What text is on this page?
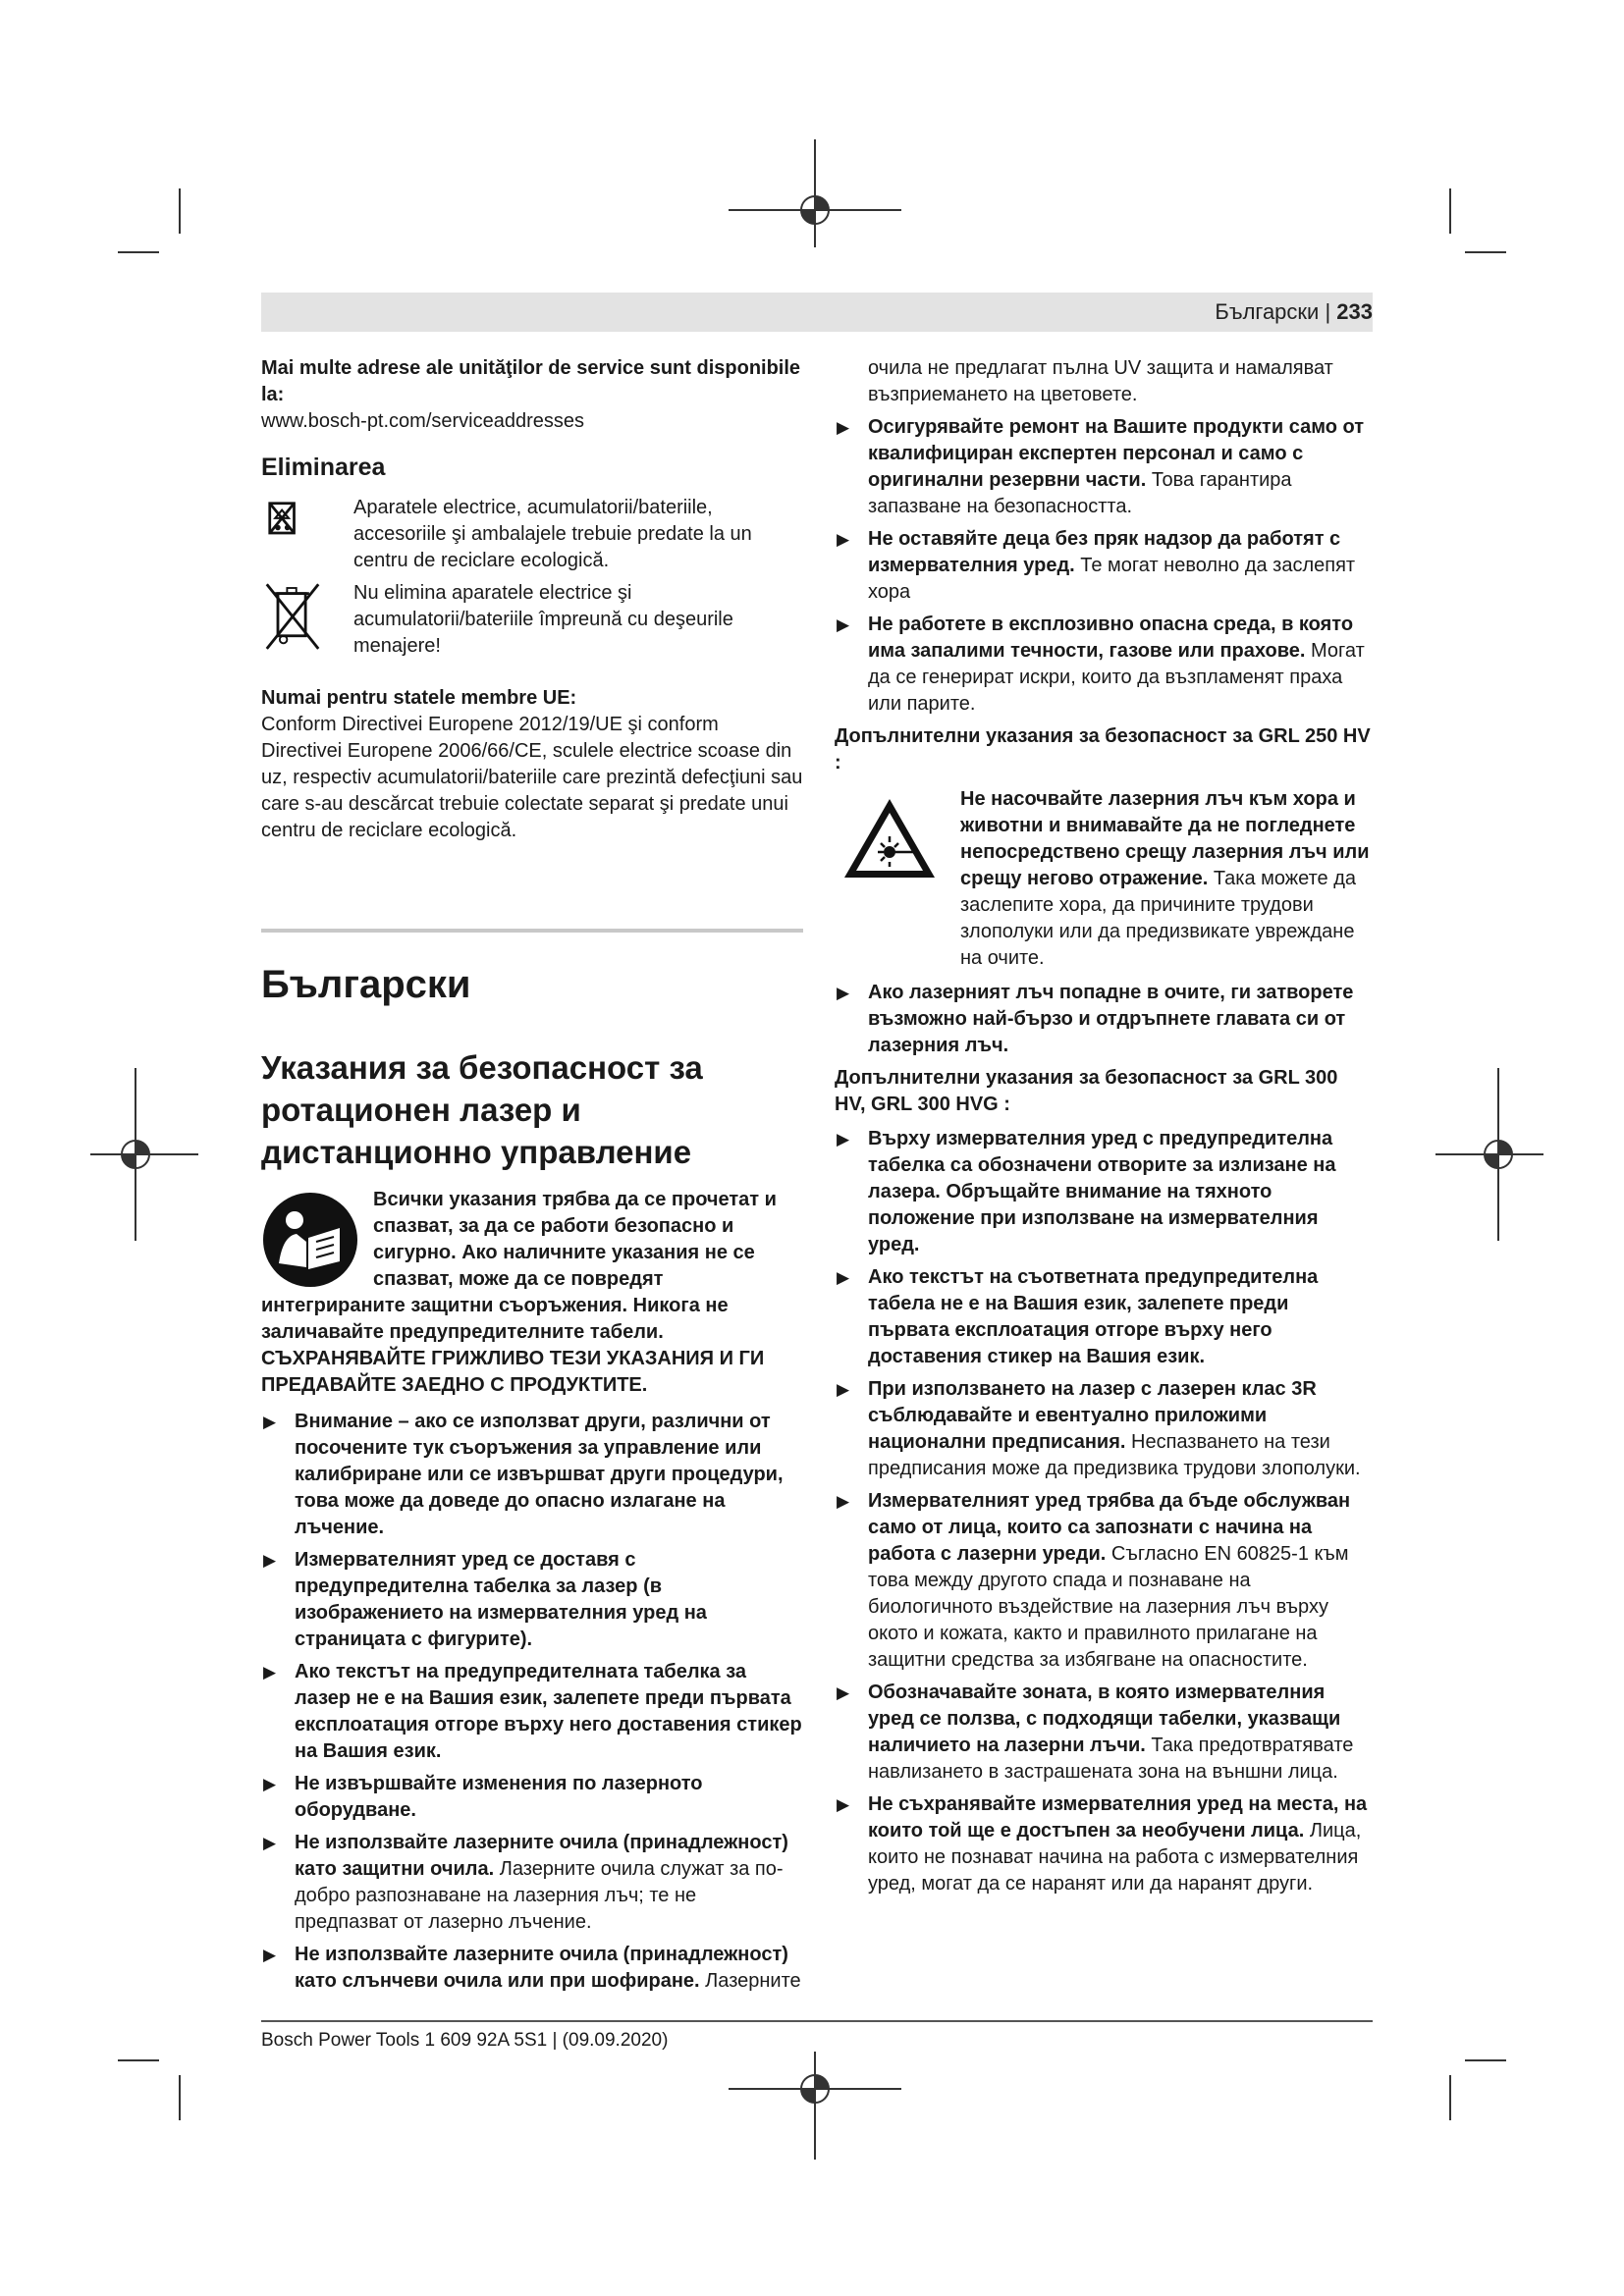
Български | 233

Mai multe adrese ale unităţilor de service sunt disponibile la:

www.bosch-pt.com/serviceaddresses

Eliminarea

Aparatele electrice, acumulatorii/bateriile, accesoriile şi ambalajele trebuie predate la un centru de reciclare ecologică.

Nu elimina aparatele electrice şi acumulatorii/bateriile împreună cu deşeurile menajere!

Numai pentru statele membre UE:

Conform Directivei Europene 2012/19/UE şi conform Directivei Europene 2006/66/CE, sculele electrice scoase din uz, respectiv acumulatorii/bateriile care prezintă defecţiuni sau care s-au descărcat trebuie colectate separat şi predate unui centru de reciclare ecologică.

Български
Указания за безопасност за ротационен лазер и дистанционно управление

Всички указания трябва да се прочетат и спазват, за да се работи безопасно и сигурно. Ако наличните указания не се спазват, може да се повредят интегрираните защитни съоръжения. Никога не заличавайте предупредителните табели. СЪХРАНЯВАЙТЕ ГРИЖЛИВО ТЕЗИ УКАЗАНИЯ И ГИ ПРЕДАВАЙТЕ ЗАЕДНО С ПРОДУКТИТЕ.

▶ Внимание – ако се използват други, различни от посочените тук съоръжения за управление или калибриране или се извършват други процедури, това може да доведе до опасно излагане на лъчение.
▶ Измервателният уред се доставя с предупредителна табелка за лазер (в изображението на измервателния уред на страницата с фигурите).
▶ Ако текстът на предупредителната табелка за лазер не е на Вашия език, залепете преди първата експлоатация отгоре върху него доставения стикер на Вашия език.
▶ Не извършвайте изменения по лазерното оборудване.
▶ Не използвайте лазерните очила (принадлежност) като защитни очила. Лазерните очила служат за по-добро разпознаване на лазерния лъч; те не предпазват от лазерно лъчение.
▶ Не използвайте лазерните очила (принадлежност) като слънчеви очила или при шофиране. Лазерните

очила не предлагат пълна UV защита и намаляват възприемането на цветовете.

▶ Осигурявайте ремонт на Вашите продукти само от квалифициран експертен персонал и само с оригинални резервни части. Това гарантира запазване на безопасността.
▶ Не оставяйте деца без пряк надзор да работят с измервателния уред. Те могат неволно да заслепят хора
▶ Не работете в експлозивно опасна среда, в която има запалими течности, газове или прахове. Могат да се генерират искри, които да възпламенят праха или парите.

Допълнителни указания за безопасност за GRL 250 HV :

Не насочвайте лазерния лъч към хора и животни и внимавайте да не погледнете непосредствено срещу лазерния лъч или срещу негово отражение. Така можете да заслепите хора, да причините трудови злополуки или да предизвикате увреждане на очите.
▶ Ако лазерният лъч попадне в очите, ги затворете възможно най-бързо и отдръпнете главата си от лазерния лъч.

Допълнителни указания за безопасност за GRL 300 HV, GRL 300 HVG :

▶ Върху измервателния уред с предупредителна табелка са обозначени отворите за излизане на лазера. Обръщайте внимание на тяхното положение при използване на измервателния уред.
▶ Ако текстът на съответната предупредителна табела не е на Вашия език, залепете преди първата експлоатация отгоре върху него доставения стикер на Вашия език.
▶ При използването на лазер с лазерен клас 3R съблюдавайте и евентуално приложими национални предписания. Неспазването на тези предписания може да предизвика трудови злополуки.
▶ Измервателният уред трябва да бъде обслужван само от лица, които са запознати с начина на работа с лазерни уреди. Съгласно EN 60825-1 към това между другото спада и познаване на биологичното въздействие на лазерния лъч върху окото и кожата, както и правилното прилагане на защитни средства за избягване на опасностите.
▶ Обозначавайте зоната, в която измервателния уред се ползва, с подходящи табелки, указващи наличието на лазерни лъчи. Така предотвратявате навлизането в застрашената зона на външни лица.
▶ Не съхранявайте измервателния уред на места, на които той ще е достъпен за необучени лица. Лица, които не познават начина на работа с измервателния уред, могат да се наранят или да наранят други.
Bosch Power Tools 1 609 92A 5S1 | (09.09.2020)
